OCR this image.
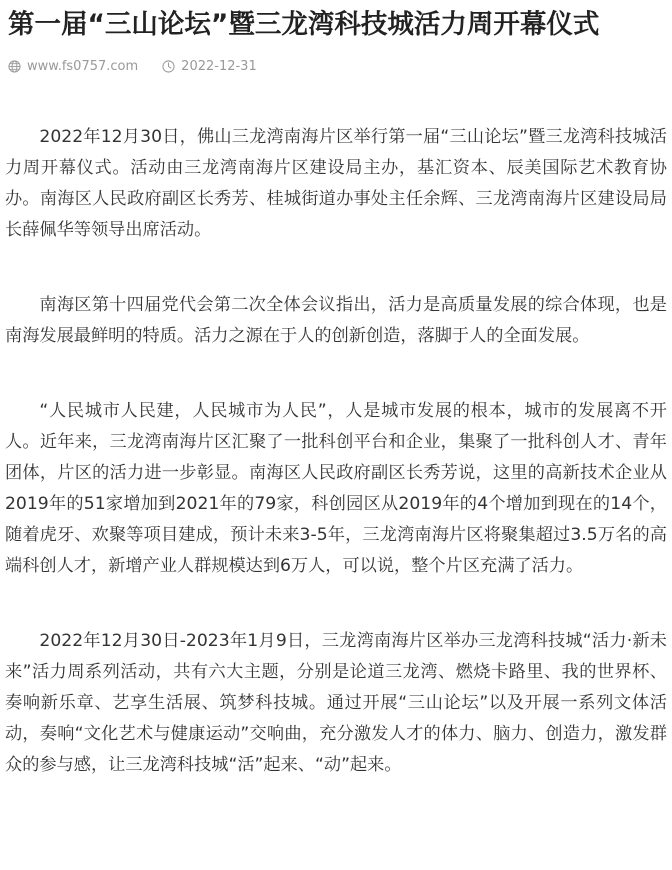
第一届“三山论坛”暨三龙湾科技城活力周开幕仪式
www.fs0757.com	2022-12-31

2022年12月30日，佛山三龙湾南海片区举行第一届“三山论坛”暨三龙湾科技城活力周开幕仪式。活动由三龙湾南海片区建设局主办，基汇资本、辰美国际艺术教育协办。南海区人民政府副区长秀芳、桂城街道办事处主任余辉、三龙湾南海片区建设局局长薛佩华等领导出席活动。

南海区第十四届党代会第二次全体会议指出，活力是高质量发展的综合体现，也是南海发展最鲜明的特质。活力之源在于人的创新创造，落脚于人的全面发展。

“人民城市人民建，人民城市为人民”，人是城市发展的根本，城市的发展离不开人。近年来，三龙湾南海片区汇聚了一批科创平台和企业，集聚了一批科创人才、青年团体，片区的活力进一步彰显。南海区人民政府副区长秀芳说，这里的高新技术企业从2019年的51家增加到2021年的79家，科创园区从2019年的4个增加到现在的14个，随着虎牙、欢聚等项目建成，预计未来3-5年，三龙湾南海片区将聚集超过3.5万名的高端科创人才，新增产业人群规模达到6万人，可以说，整个片区充满了活力。

2022年12月30日-2023年1月9日，三龙湾南海片区举办三龙湾科技城“活力·新未来”活力周系列活动，共有六大主题，分别是论道三龙湾、燃烧卡路里、我的世界杯、奏响新乐章、艺享生活展、筑梦科技城。通过开展“三山论坛”以及开展一系列文体活动，奏响“文化艺术与健康运动”交响曲，充分激发人才的体力、脑力、创造力，激发群众的参与感，让三龙湾科技城“活”起来、“动”起来。
